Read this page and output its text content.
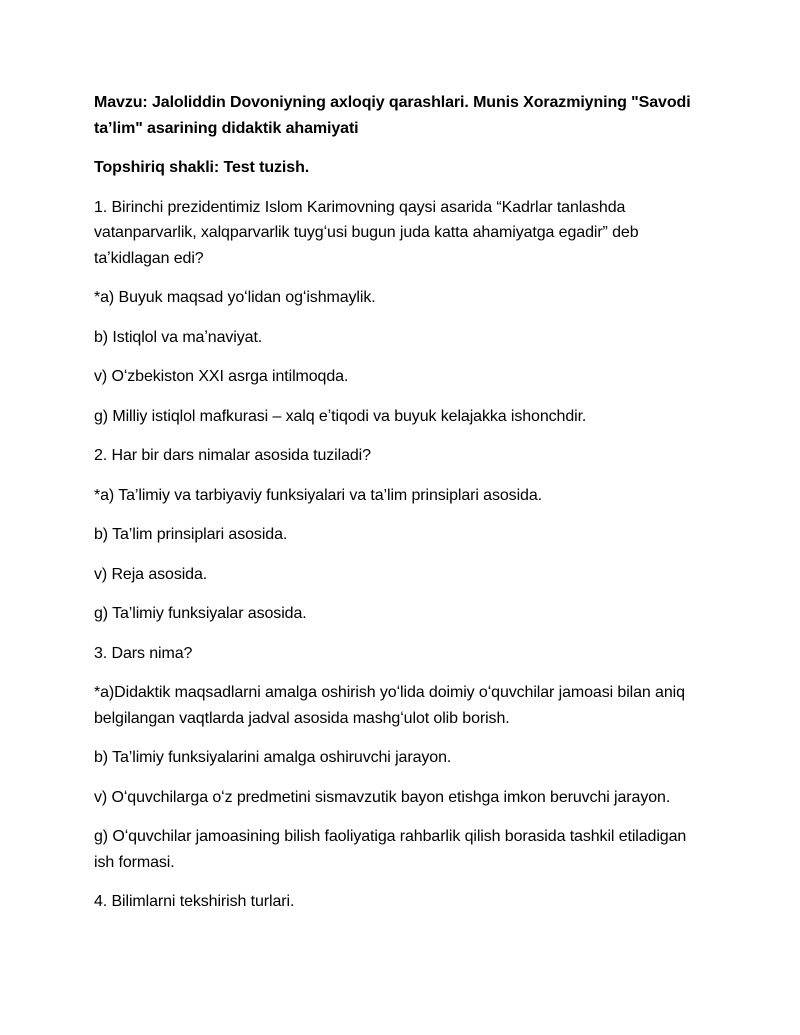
Mavzu: Jaloliddin Dovoniyning axloqiy qarashlari. Munis Xorazmiyning "Savodi ta’lim" asarining didaktik ahamiyati

Topshiriq shakli: Test tuzish.

1. Birinchi prezidentimiz Islom Karimovning qaysi asarida “Kadrlar tanlashda vatanparvarlik, xalqparvarlik tuygʻusi bugun juda katta ahamiyatga egadir” deb taʼkidlagan edi?

*a) Buyuk maqsad yoʻlidan ogʻishmaylik.

b) Istiqlol va maʼnaviyat.

v) Oʻzbekiston XXI asrga intilmoqda.

g) Milliy istiqlol mafkurasi – xalq eʼtiqodi va buyuk kelajakka ishonchdir.

2. Har bir dars nimalar asosida tuziladi?

*a) Ta’limiy va tarbiyaviy funksiyalari va ta’lim prinsiplari asosida.

b) Ta’lim prinsiplari asosida.

v) Reja asosida.

g) Ta’limiy funksiyalar asosida.

3. Dars nima?

*a)Didaktik maqsadlarni amalga oshirish yoʻlida doimiy oʻquvchilar jamoasi bilan aniq belgilangan vaqtlarda jadval asosida mashgʻulot olib borish.

b) Ta’limiy funksiyalarini amalga oshiruvchi jarayon.

v) Oʻquvchilarga oʻz predmetini sismavzutik bayon etishga imkon beruvchi jarayon.

g) Oʻquvchilar jamoasining bilish faoliyatiga rahbarlik qilish borasida tashkil etiladigan ish formasi.

4. Bilimlarni tekshirish turlari.
